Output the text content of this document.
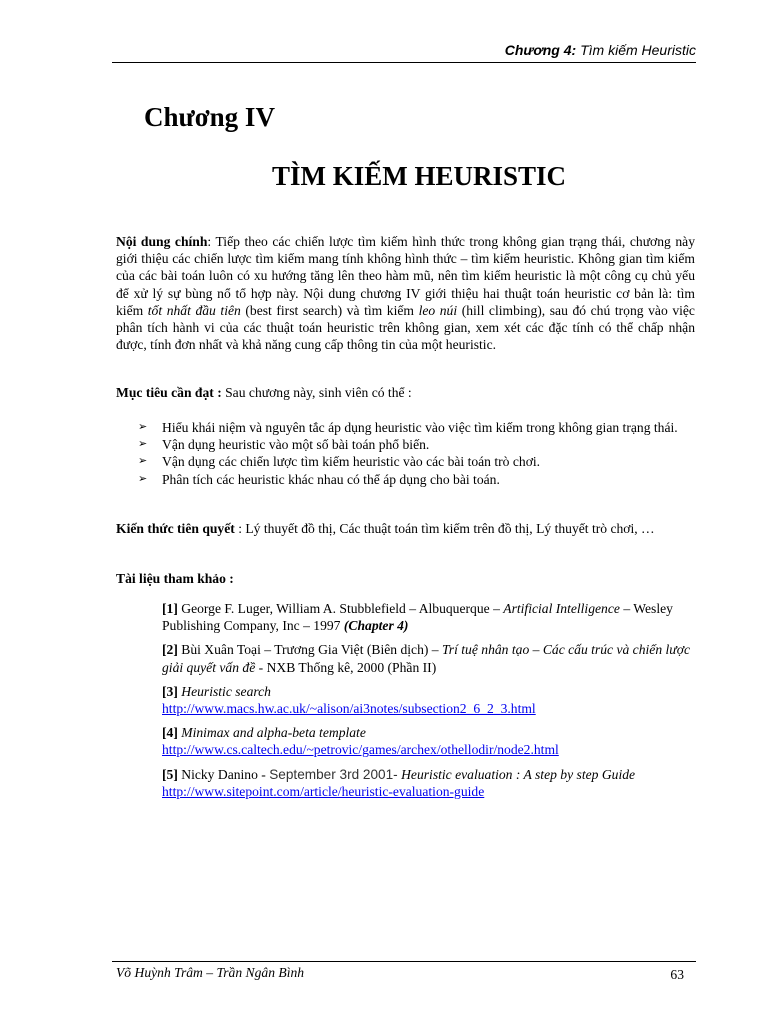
Chương 4: Tìm kiếm Heuristic
Chương IV
TÌM KIẾM HEURISTIC
Nội dung chính: Tiếp theo các chiến lược tìm kiếm hình thức trong không gian trạng thái, chương này giới thiệu các chiến lược tìm kiếm mang tính không hình thức – tìm kiếm heuristic. Không gian tìm kiếm của các bài toán luôn có xu hướng tăng lên theo hàm mũ, nên tìm kiếm heuristic là một công cụ chủ yếu để xử lý sự bùng nổ tổ hợp này. Nội dung chương IV giới thiệu hai thuật toán heuristic cơ bản là: tìm kiếm tốt nhất đầu tiên (best first search) và tìm kiếm leo núi (hill climbing), sau đó chú trọng vào việc phân tích hành vi của các thuật toán heuristic trên không gian, xem xét các đặc tính có thể chấp nhận được, tính đơn nhất và khả năng cung cấp thông tin của một heuristic.
Mục tiêu cần đạt : Sau chương này, sinh viên có thể :
➢ Hiểu khái niệm và nguyên tắc áp dụng heuristic vào việc tìm kiếm trong không gian trạng thái.
➢ Vận dụng heuristic vào một số bài toán phổ biến.
➢ Vận dụng các chiến lược tìm kiếm heuristic vào các bài toán trò chơi.
➢ Phân tích các heuristic khác nhau có thể áp dụng cho bài toán.
Kiến thức tiên quyết : Lý thuyết đồ thị, Các thuật toán tìm kiếm trên đồ thị, Lý thuyết trò chơi, …
Tài liệu tham khảo :

[1] George F. Luger, William A. Stubblefield – Albuquerque – Artificial Intelligence – Wesley Publishing Company, Inc – 1997 (Chapter 4)

[2] Bùi Xuân Toại – Trương Gia Việt (Biên dịch) – Trí tuệ nhân tạo – Các cấu trúc và chiến lược giải quyết vấn đề - NXB Thống kê, 2000 (Phần II)

[3] Heuristic search
http://www.macs.hw.ac.uk/~alison/ai3notes/subsection2_6_2_3.html

[4] Minimax and alpha-beta template
http://www.cs.caltech.edu/~petrovic/games/archex/othellodir/node2.html

[5] Nicky Danino - September 3rd 2001- Heuristic evaluation : A step by step Guide
http://www.sitepoint.com/article/heuristic-evaluation-guide

Võ Huỳnh Trâm – Trần Ngân Bình	63
